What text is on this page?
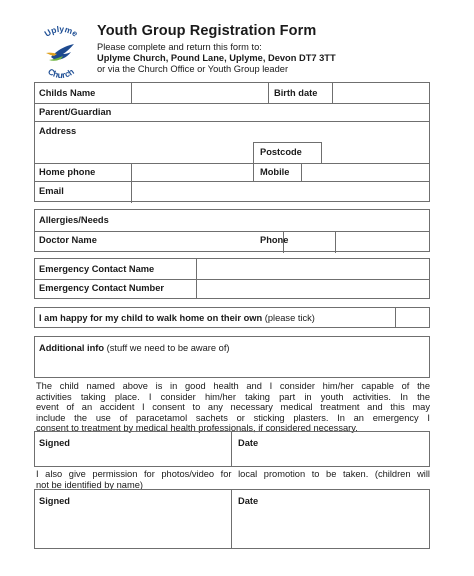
Uplyme
Church
Youth Group Registration Form
Please complete and return this form to:
Uplyme Church, Pound Lane, Uplyme, Devon DT7 3TT
or via the Church Office or Youth Group leader
Childs Name	Birth date
Parent/Guardian
Address
Postcode
Home phone	Mobile
Email
Allergies/Needs
Doctor Name	Phone
Emergency Contact Name
Emergency Contact Number
I am happy for my child to walk home on their own (please tick)
Additional info (stuff we need to be aware of)
The child named above is in good health and I consider him/her capable of the
activities taking place. I consider him/her taking part in youth activities. In the
event of an accident I consent to any necessary medical treatment and this may
include the use of paracetamol sachets or sticking plasters. In an emergency I
consent to treatment by medical health professionals, if considered necessary.
Signed	Date
I also give permission for photos/video for local promotion to be taken. (children will
not be identified by name)
Signed	Date
